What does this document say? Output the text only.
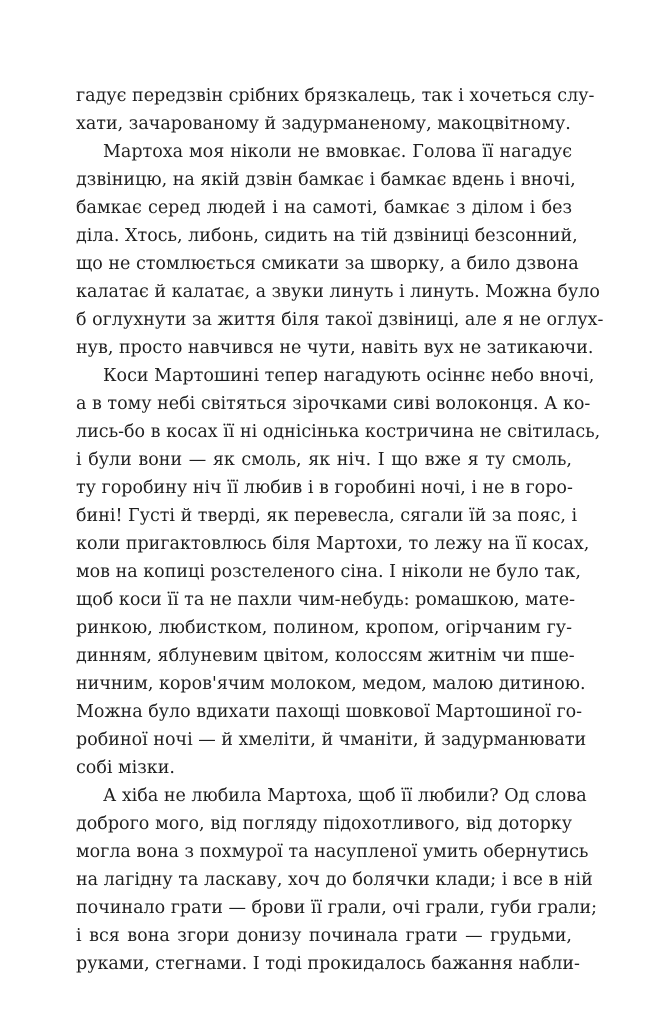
гадує передзвін срібних брязкалець, так і хочеться слу-
хати, зачарованому й задурманеному, макоцвітному.
Мартоха моя ніколи не вмовкає. Голова її нагадує
дзвіницю, на якій дзвін бамкає і бамкає вдень і вночі,
бамкає серед людей і на самоті, бамкає з ділом і без
діла. Хтось, либонь, сидить на тій дзвіниці безсонний,
що не стомлюється смикати за шворку, а било дзвона
калатає й калатає, а звуки линуть і линуть. Можна було
б оглухнути за життя біля такої дзвіниці, але я не оглух-
нув, просто навчився не чути, навіть вух не затикаючи.
Коси Мартошині тепер нагадують осіннє небо вночі,
а в тому небі світяться зірочками сиві волоконця. А ко-
лись-бо в косах її ні однісінька костричина не світилась,
і були вони — як смоль, як ніч. І що вже я ту смоль,
ту горобину ніч її любив і в горобині ночі, і не в горо-
бині! Густі й тверді, як перевесла, сягали їй за пояс, і
коли пригактовлюсь біля Мартохи, то лежу на її косах,
мов на копиці розстеленого сіна. І ніколи не було так,
щоб коси її та не пахли чим-небудь: ромашкою, мате-
ринкою, любистком, полином, кропом, огірчаним гу-
динням, яблуневим цвітом, колоссям житнім чи пше-
ничним, коров'ячим молоком, медом, малою дитиною.
Можна було вдихати пахощі шовкової Мартошиної го-
робиної ночі — й хмеліти, й чманіти, й задурманювати
собі мізки.
А хіба не любила Мартоха, щоб її любили? Од слова
доброго мого, від погляду підохотливого, від доторку
могла вона з похмурої та насупленої умить обернутись
на лагідну та ласкаву, хоч до болячки клади; і все в ній
починало грати — брови її грали, очі грали, губи грали;
і вся вона згори донизу починала грати — грудьми,
руками, стегнами. І тоді прокидалось бажання набли-
